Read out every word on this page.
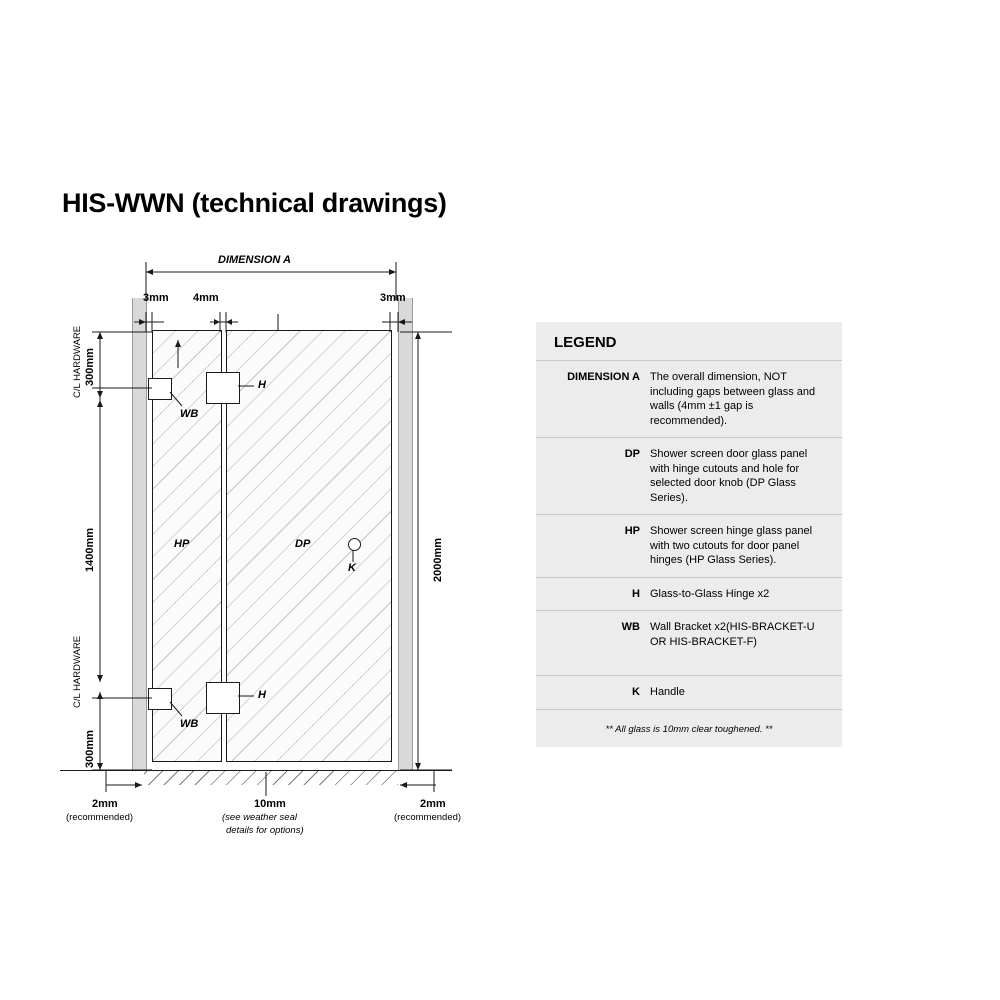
HIS-WWN (technical drawings)
DIMENSION A
3mm 4mm	3mm
300mm
C/L HARDWARE
1400mm
C/L HARDWARE
300mm
2000mm
HP	DP
H
H
WB
WB
K
2mm
(recommended)
10mm
(see weather seal
details for options)
2mm
(recommended)
LEGEND
DIMENSION A The overall dimension, NOT including gaps between glass and walls (4mm ±1 gap is recommended).
DP Shower screen door glass panel with hinge cutouts and hole for selected door knob (DP Glass Series).
HP Shower screen hinge glass panel with two cutouts for door panel hinges (HP Glass Series).
H Glass-to-Glass Hinge x2
WB Wall Bracket x2(HIS-BRACKET-U OR HIS-BRACKET-F)
K Handle
** All glass is 10mm clear toughened. **
